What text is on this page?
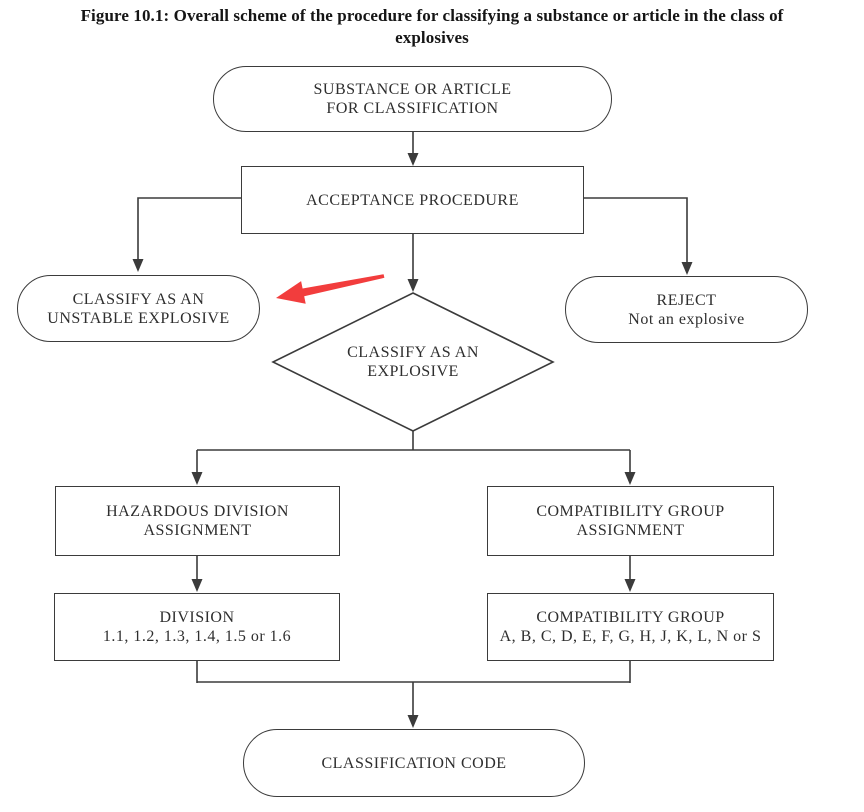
Figure 10.1: Overall scheme of the procedure for classifying a substance or article in the class of
explosives
SUBSTANCE OR ARTICLE
FOR CLASSIFICATION
ACCEPTANCE PROCEDURE
CLASSIFY AS AN
UNSTABLE EXPLOSIVE
REJECT
Not an explosive
CLASSIFY AS AN
EXPLOSIVE
HAZARDOUS DIVISION
ASSIGNMENT
COMPATIBILITY GROUP
ASSIGNMENT
DIVISION
1.1, 1.2, 1.3, 1.4, 1.5 or 1.6
COMPATIBILITY GROUP
A, B, C, D, E, F, G, H, J, K, L, N or S
CLASSIFICATION CODE
